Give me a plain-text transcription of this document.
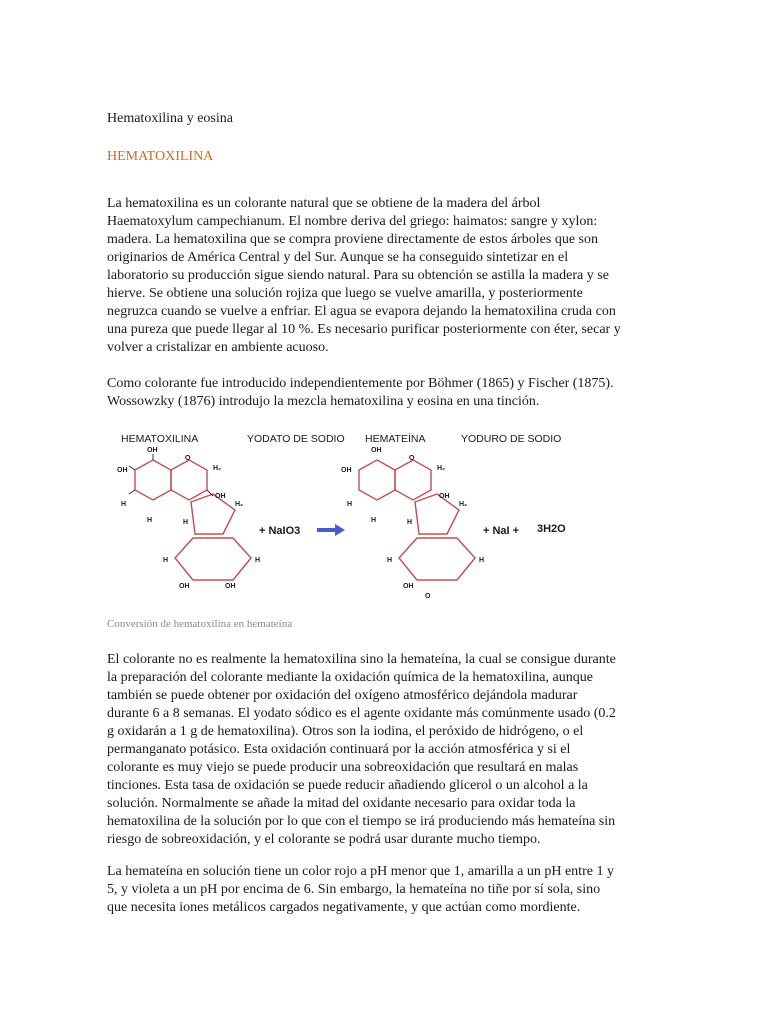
Hematoxilina y eosina
HEMATOXILINA
La hematoxilina es un colorante natural que se obtiene de la madera del árbol
Haematoxylum campechianum. El nombre deriva del griego: haimatos: sangre y xylon:
madera. La hematoxilina que se compra proviene directamente de estos árboles que son
originarios de América Central y del Sur. Aunque se ha conseguido sintetizar en el
laboratorio su producción sigue siendo natural. Para su obtención se astilla la madera y se
hierve. Se obtiene una solución rojiza que luego se vuelve amarilla, y posteriormente
negruzca cuando se vuelve a enfriar. El agua se evapora dejando la hematoxilina cruda con
una pureza que puede llegar al 10 %. Es necesario purificar posteriormente con éter, secar y
volver a cristalizar en ambiente acuoso.
Como colorante fue introducido independientemente por Böhmer (1865) y Fischer (1875).
Wossowzky (1876) introdujo la mezcla hematoxilina y eosina en una tinción.
Conversión de hematoxilina en hemateína
El colorante no es realmente la hematoxilina sino la hemateína, la cual se consigue durante
la preparación del colorante mediante la oxidación química de la hematoxilina, aunque
también se puede obtener por oxidación del oxígeno atmosférico dejándola madurar
durante 6 a 8 semanas. El yodato sódico es el agente oxidante más comúnmente usado (0.2
g oxidarán a 1 g de hematoxilina). Otros son la iodina, el peróxido de hidrógeno, o el
permanganato potásico. Esta oxidación continuará por la acción atmosférica y si el
colorante es muy viejo se puede producir una sobreoxidación que resultará en malas
tinciones. Esta tasa de oxidación se puede reducir añadiendo glicerol o un alcohol a la
solución. Normalmente se añade la mitad del oxidante necesario para oxidar toda la
hematoxilina de la solución por lo que con el tiempo se irá produciendo más hemateína sin
riesgo de sobreoxidación, y el colorante se podrá usar durante mucho tiempo.
La hemateína en solución tiene un color rojo a pH menor que 1, amarilla a un pH entre 1 y
5, y violeta a un pH por encima de 6. Sin embargo, la hemateína no tiñe por sí sola, sino
que necesita iones metálicos cargados negativamente, y que actúan como mordiente.
HEMATOXILINA	YODATO DE SODIO HEMATEÍNA	YODURO DE SODIO
OH
OH
H
H
O
H₂
OH
H
H₂
H	H
OH	OH
+ NaIO3
OH
OH
H
H
O
H₂
OH
H
H₂
H	H
OH
O
+ NaI + 3H2O
